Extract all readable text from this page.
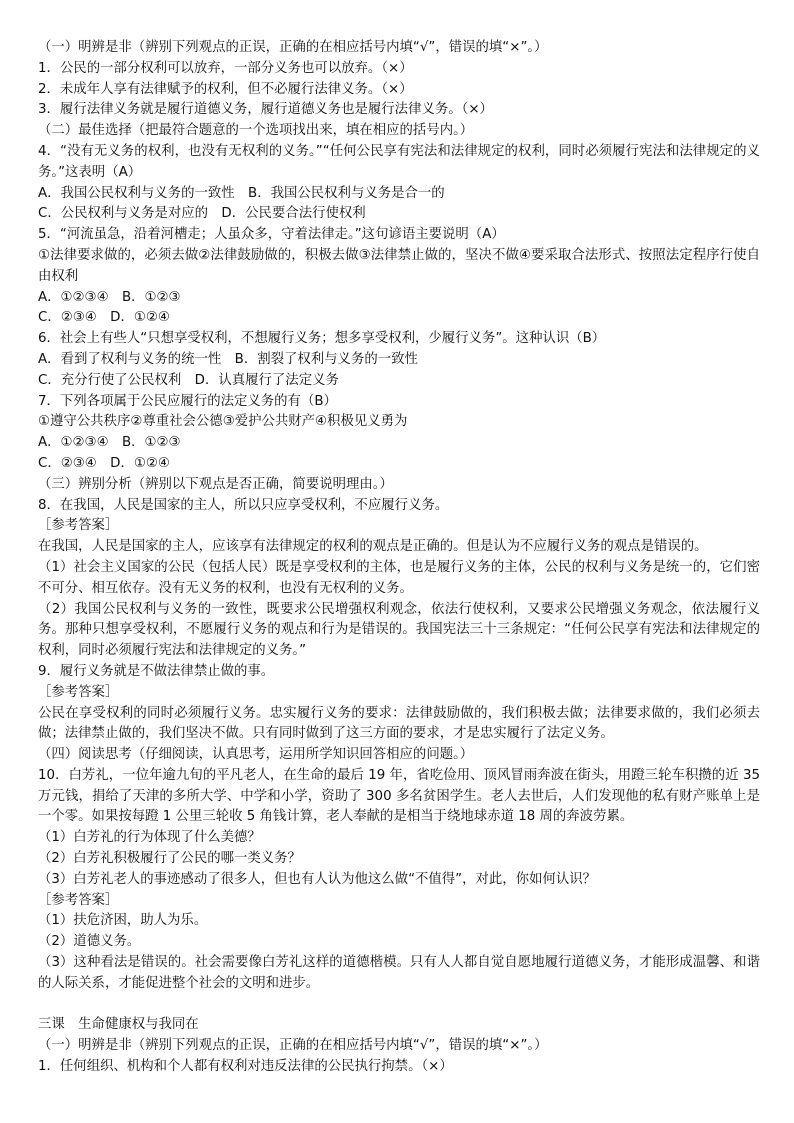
（一）明辨是非（辨别下列观点的正误，正确的在相应括号内填“√”，错误的填“×”。）
1．公民的一部分权利可以放弃，一部分义务也可以放弃。（×）
2．未成年人享有法律赋予的权利，但不必履行法律义务。（×）
3．履行法律义务就是履行道德义务，履行道德义务也是履行法律义务。（×）
（二）最佳选择（把最符合题意的一个选项找出来，填在相应的括号内。）
4．“没有无义务的权利，也没有无权利的义务。”“任何公民享有宪法和法律规定的权利，同时必须履行宪法和法律规定的义务。”这表明（A）
A．我国公民权利与义务的一致性　B．我国公民权利与义务是合一的
C．公民权利与义务是对应的　D．公民要合法行使权利
5．“河流虽急，沿着河槽走；人虽众多，守着法律走。”这句谚语主要说明（A）
①法律要求做的，必须去做②法律鼓励做的，积极去做③法律禁止做的，坚决不做④要采取合法形式、按照法定程序行使自由权利
A．①②③④　B．①②③
C．②③④　D．①②④
6．社会上有些人“只想享受权利，不想履行义务；想多享受权利，少履行义务”。这种认识（B）
A．看到了权利与义务的统一性　B．割裂了权利与义务的一致性
C．充分行使了公民权利　D．认真履行了法定义务
7．下列各项属于公民应履行的法定义务的有（B）
①遵守公共秩序②尊重社会公德③爱护公共财产④积极见义勇为
A．①②③④　B．①②③
C．②③④　D．①②④
（三）辨别分析（辨别以下观点是否正确，简要说明理由。）
8．在我国，人民是国家的主人，所以只应享受权利，不应履行义务。
［参考答案］
在我国，人民是国家的主人，应该享有法律规定的权利的观点是正确的。但是认为不应履行义务的观点是错误的。
（1）社会主义国家的公民（包括人民）既是享受权利的主体，也是履行义务的主体，公民的权利与义务是统一的，它们密不可分、相互依存。没有无义务的权利，也没有无权利的义务。
（2）我国公民权利与义务的一致性，既要求公民增强权利观念，依法行使权利，又要求公民增强义务观念，依法履行义务。那种只想享受权利，不愿履行义务的观点和行为是错误的。我国宪法三十三条规定：“任何公民享有宪法和法律规定的权利，同时必须履行宪法和法律规定的义务。”
9．履行义务就是不做法律禁止做的事。
［参考答案］
公民在享受权利的同时必须履行义务。忠实履行义务的要求：法律鼓励做的，我们积极去做；法律要求做的，我们必须去做；法律禁止做的，我们坚决不做。只有同时做到了这三方面的要求，才是忠实履行了法定义务。
（四）阅读思考（仔细阅读，认真思考，运用所学知识回答相应的问题。）
10．白芳礼，一位年逾九旬的平凡老人，在生命的最后 19 年，省吃俭用、顶风冒雨奔波在街头，用蹬三轮车积攒的近 35 万元钱，捐给了天津的多所大学、中学和小学，资助了 300 多名贫困学生。老人去世后，人们发现他的私有财产账单上是一个零。如果按每蹬 1 公里三轮收 5 角钱计算，老人奉献的是相当于绕地球赤道 18 周的奔波劳累。
（1）白芳礼的行为体现了什么美德？
（2）白芳礼积极履行了公民的哪一类义务？
（3）白芳礼老人的事迹感动了很多人，但也有人认为他这么做“不值得”，对此，你如何认识？
［参考答案］
（1）扶危济困，助人为乐。
（2）道德义务。
（3）这种看法是错误的。社会需要像白芳礼这样的道德楷模。只有人人都自觉自愿地履行道德义务，才能形成温馨、和谐的人际关系，才能促进整个社会的文明和进步。
三课　生命健康权与我同在
（一）明辨是非（辨别下列观点的正误，正确的在相应括号内填“√”，错误的填“×”。）
1．任何组织、机构和个人都有权利对违反法律的公民执行拘禁。（×）
